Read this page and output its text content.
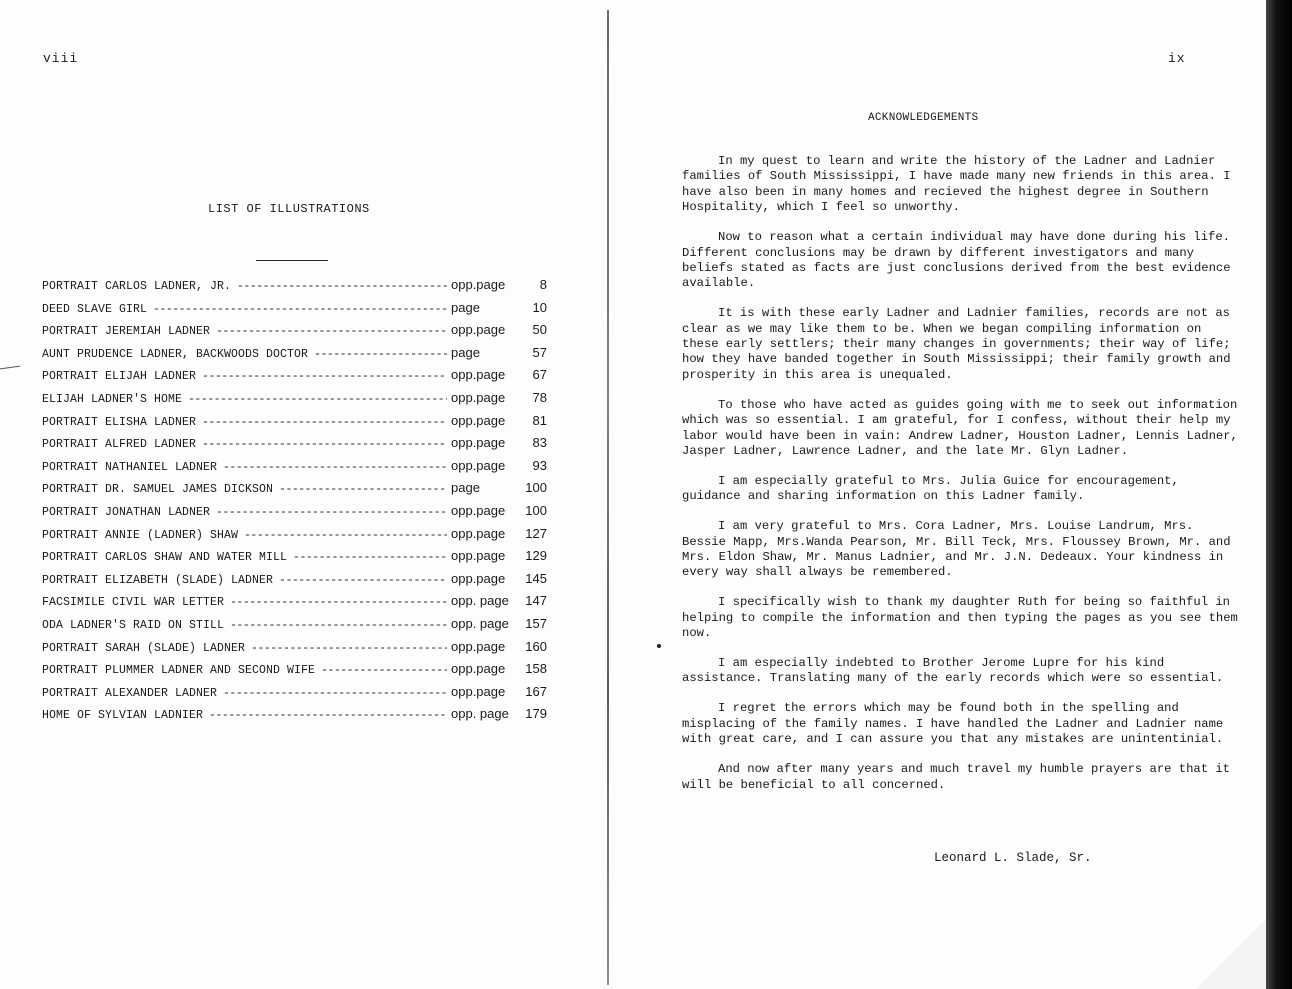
viii
LIST OF ILLUSTRATIONS
PORTRAIT CARLOS LADNER, JR. -----	opp.page	8
DEED SLAVE GIRL -----	page	10
PORTRAIT JEREMIAH LADNER -----	opp.page	50
AUNT PRUDENCE LADNER, BACKWOODS DOCTOR -----	page	57
PORTRAIT ELIJAH LADNER -----	opp.page	67
ELIJAH LADNER'S HOME -----	opp.page	78
PORTRAIT ELISHA LADNER -----	opp.page	81
PORTRAIT ALFRED LADNER -----	opp.page	83
PORTRAIT NATHANIEL LADNER -----	opp.page	93
PORTRAIT DR. SAMUEL JAMES DICKSON -----	page	100
PORTRAIT JONATHAN LADNER -----	opp.page	100
PORTRAIT ANNIE (LADNER) SHAW -----	opp.page	127
PORTRAIT CARLOS SHAW AND WATER MILL -----	opp.page	129
PORTRAIT ELIZABETH (SLADE) LADNER -----	opp.page	145
FACSIMILE CIVIL WAR LETTER -----	opp. page	147
ODA LADNER'S RAID ON STILL -----	opp. page	157
PORTRAIT SARAH (SLADE) LADNER -----	opp.page	160
PORTRAIT PLUMMER LADNER AND SECOND WIFE -----	opp.page	158
PORTRAIT ALEXANDER LADNER -----	opp.page	167
HOME OF SYLVIAN LADNIER -----	opp. page	179
ix
ACKNOWLEDGEMENTS

In my quest to learn and write the history of the Ladner and Ladnier families of South Mississippi, I have made many new friends in this area. I have also been in many homes and recieved the highest degree in Southern Hospitality, which I feel so unworthy.

Now to reason what a certain individual may have done during his life. Different conclusions may be drawn by different investigators and many beliefs stated as facts are just conclusions derived from the best evidence available.

It is with these early Ladner and Ladnier families, records are not as clear as we may like them to be. When we began compiling information on these early settlers; their many changes in governments; their way of life; how they have banded together in South Mississippi; their family growth and prosperity in this area is unequaled.

To those who have acted as guides going with me to seek out information which was so essential. I am grateful, for I confess, without their help my labor would have been in vain: Andrew Ladner, Houston Ladner, Lennis Ladner, Jasper Ladner, Lawrence Ladner, and the late Mr. Glyn Ladner.

I am especially grateful to Mrs. Julia Guice for encouragement, guidance and sharing information on this Ladner family.

I am very grateful to Mrs. Cora Ladner, Mrs. Louise Landrum, Mrs. Bessie Mapp, Mrs.Wanda Pearson, Mr. Bill Teck, Mrs. Floussey Brown, Mr. and Mrs. Eldon Shaw, Mr. Manus Ladnier, and Mr. J.N. Dedeaux. Your kindness in every way shall always be remembered.

I specifically wish to thank my daughter Ruth for being so faithful in helping to compile the information and then typing the pages as you see them now.

I am especially indebted to Brother Jerome Lupre for his kind assistance. Translating many of the early records which were so essential.

I regret the errors which may be found both in the spelling and misplacing of the family names. I have handled the Ladner and Ladnier name with great care, and I can assure you that any mistakes are unintentinial.

And now after many years and much travel my humble prayers are that it will be beneficial to all concerned.

Leonard L. Slade, Sr.
